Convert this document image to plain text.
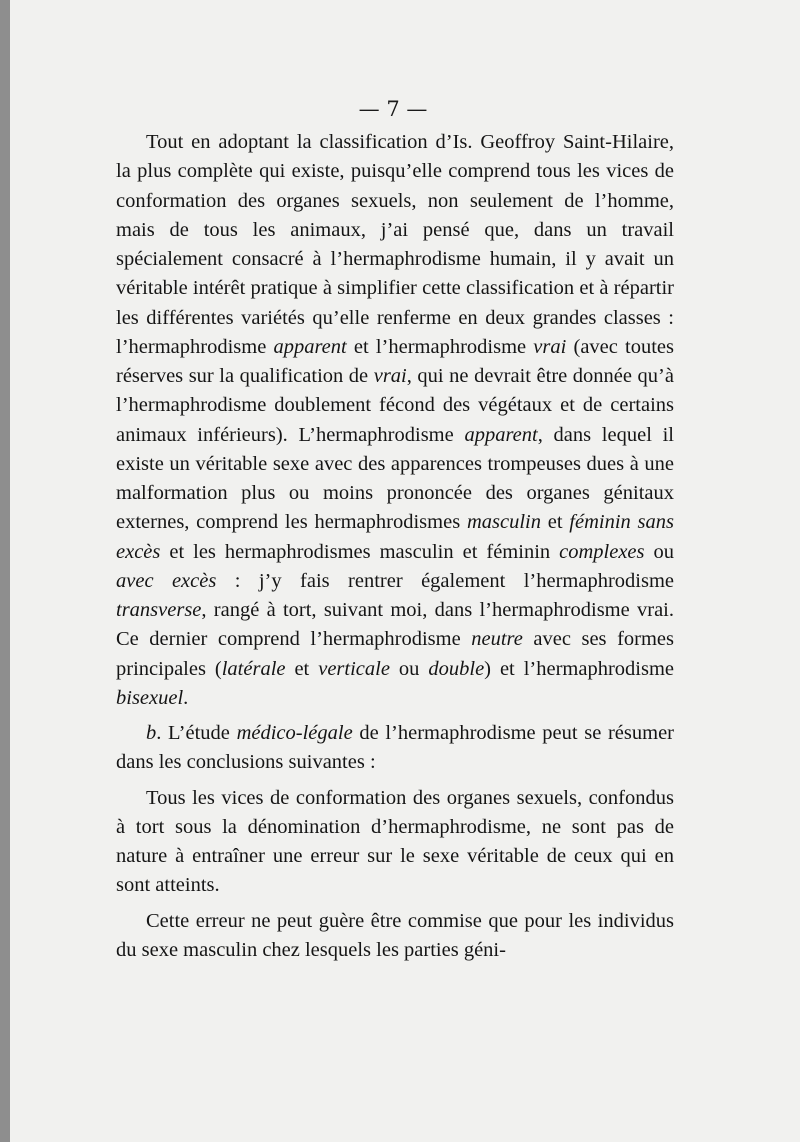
— 7 —

Tout en adoptant la classification d’Is. Geoffroy Saint-Hilaire, la plus complète qui existe, puisqu’elle comprend tous les vices de conformation des organes sexuels, non seulement de l’homme, mais de tous les animaux, j’ai pensé que, dans un travail spécialement consacré à l’hermaphrodisme humain, il y avait un véritable intérêt pratique à simplifier cette classification et à répartir les différentes variétés qu’elle renferme en deux grandes classes : l’hermaphrodisme apparent et l’hermaphrodisme vrai (avec toutes réserves sur la qualification de vrai, qui ne devrait être donnée qu’à l’hermaphrodisme doublement fécond des végétaux et de certains animaux inférieurs). L’hermaphrodisme apparent, dans lequel il existe un véritable sexe avec des apparences trompeuses dues à une malformation plus ou moins prononcée des organes génitaux externes, comprend les hermaphrodismes masculin et féminin sans excès et les hermaphrodismes masculin et féminin complexes ou avec excès : j’y fais rentrer également l’hermaphrodisme transverse, rangé à tort, suivant moi, dans l’hermaphrodisme vrai. Ce dernier comprend l’hermaphrodisme neutre avec ses formes principales (latérale et verticale ou double) et l’hermaphrodisme bisexuel.

b. L’étude médico-légale de l’hermaphrodisme peut se résumer dans les conclusions suivantes :

Tous les vices de conformation des organes sexuels, confondus à tort sous la dénomination d’hermaphrodisme, ne sont pas de nature à entraîner une erreur sur le sexe véritable de ceux qui en sont atteints.

Cette erreur ne peut guère être commise que pour les individus du sexe masculin chez lesquels les parties géni-
